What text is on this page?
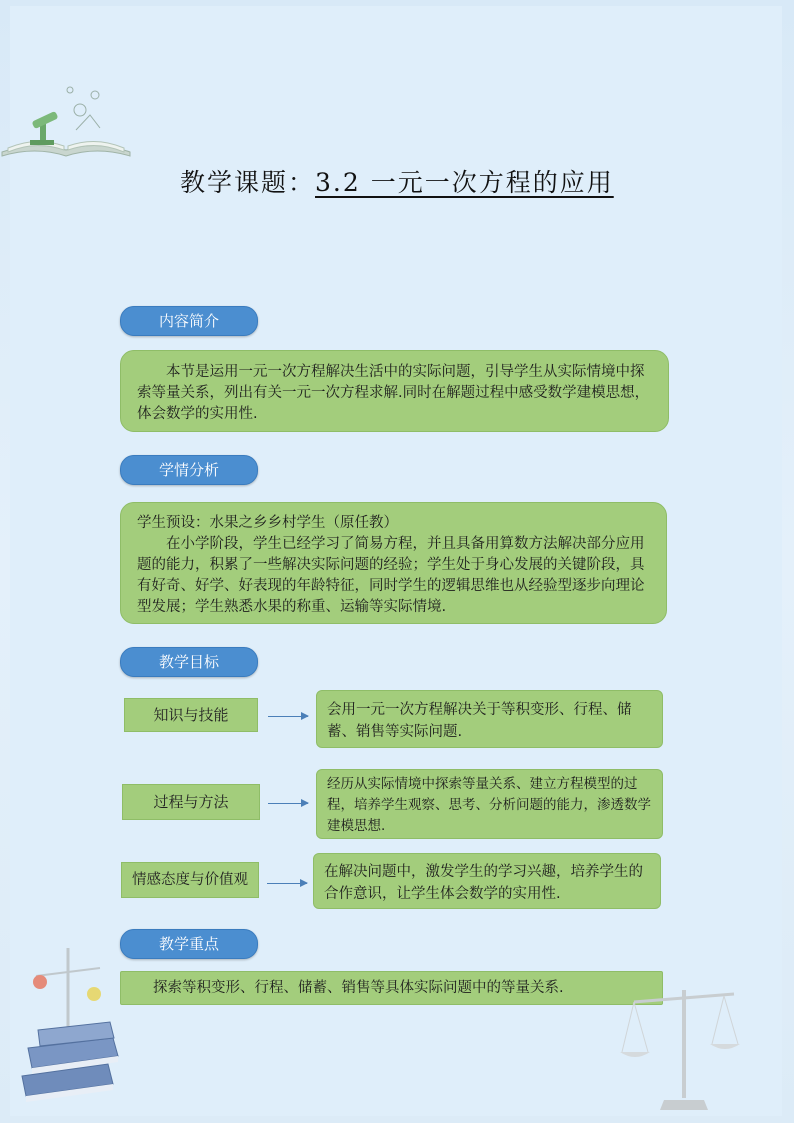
教学课题：3.2 一元一次方程的应用
内容简介

本节是运用一元一次方程解决生活中的实际问题，引导学生从实际情境中探索等量关系，列出有关一元一次方程求解.同时在解题过程中感受数学建模思想，体会数学的实用性.

学情分析

学生预设：水果之乡乡村学生（原任教）

在小学阶段，学生已经学习了简易方程，并且具备用算数方法解决部分应用题的能力，积累了一些解决实际问题的经验；学生处于身心发展的关键阶段，具有好奇、好学、好表现的年龄特征，同时学生的逻辑思维也从经验型逐步向理论型发展；学生熟悉水果的称重、运输等实际情境.

教学目标
知识与技能	会用一元一次方程解决关于等积变形、行程、储蓄、销售等实际问题.

过程与方法

经历从实际情境中探索等量关系、建立方程模型的过程，培养学生观察、思考、分析问题的能力，渗透数学建模思想.

情感态度与价值观	在解决问题中，激发学生的学习兴趣，培养学生的合作意识，让学生体会数学的实用性.

教学重点

探索等积变形、行程、储蓄、销售等具体实际问题中的等量关系.
